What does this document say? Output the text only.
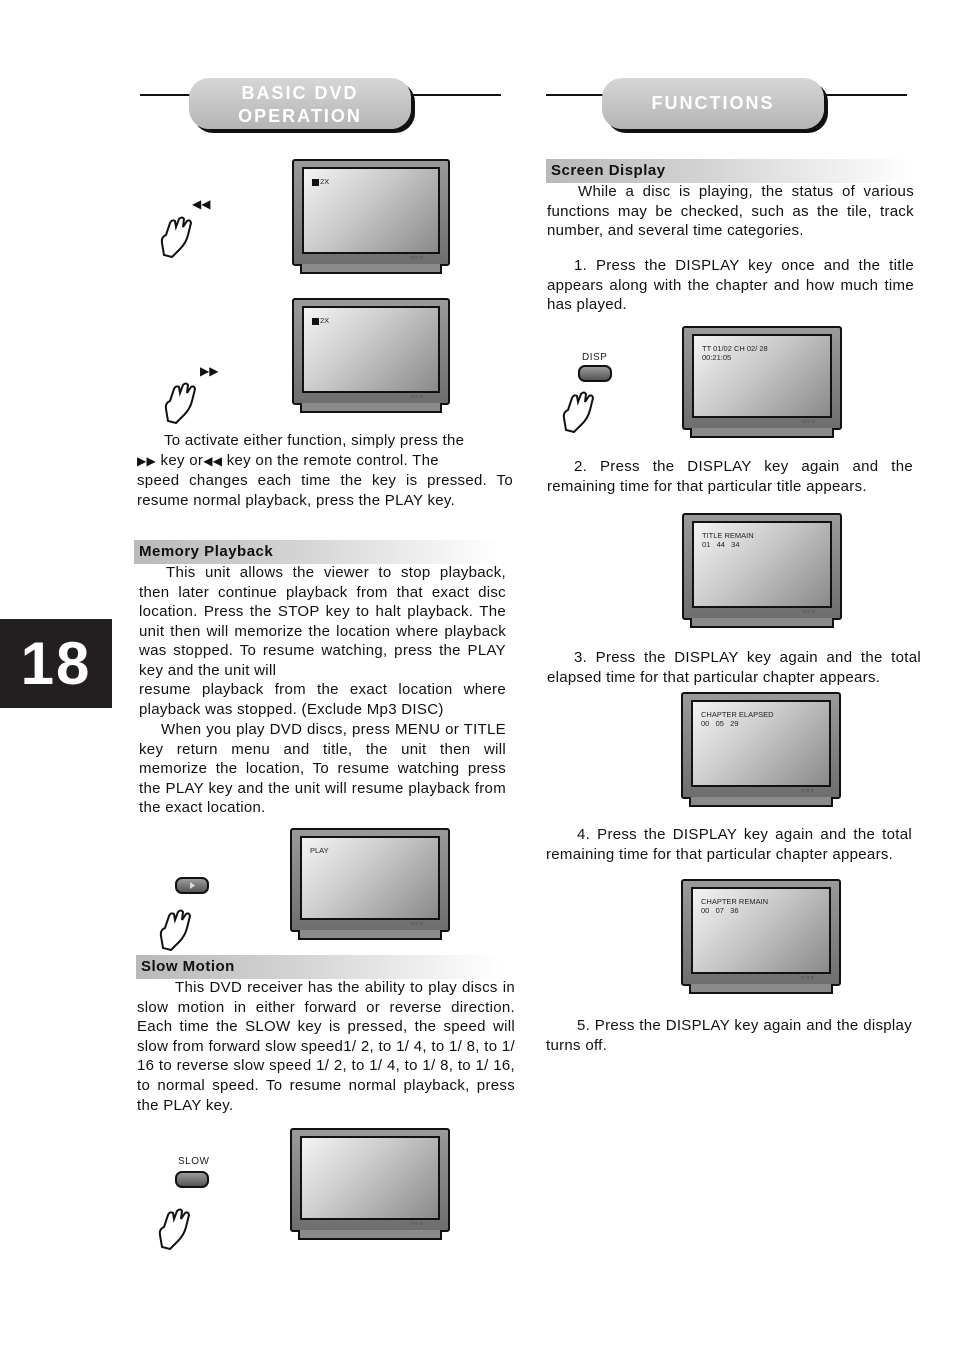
BASIC DVD
OPERATION
FUNCTIONS
18
2X
○○○
◀◀
2X
○○○
▶▶
To activate either function, simply press the
▶▶ key or◀◀ key on the remote control. The
speed changes each time the key is pressed. To resume normal playback, press the PLAY key.
Memory Playback
This unit allows the viewer to stop playback, then later continue playback from that exact disc location. Press the STOP key to halt playback. The unit then will memorize the location where playback was stopped. To resume watching, press the PLAY key and the unit will
resume playback from the exact location where playback was stopped. (Exclude Mp3 DISC)
When you play DVD discs, press MENU or TITLE key return menu and title, the unit then will memorize the location, To resume watching press the PLAY key and the unit will resume playback from the exact location.
PLAY
○○○
Slow Motion
This DVD receiver has the ability to play discs in slow motion in either forward or reverse direction. Each time the SLOW key is pressed, the speed will slow from forward slow speed1/ 2, to 1/ 4, to 1/ 8, to 1/ 16 to reverse slow speed 1/ 2, to 1/ 4, to 1/ 8, to 1/ 16, to normal speed. To resume normal playback, press the PLAY key.
○○○
SLOW
Screen Display
While a disc is playing, the status of various functions may be checked, such as the tile, track number, and several time categories.
1. Press the DISPLAY key once and the title appears along with the chapter and how much time has played.
TT 01/02 CH 02/ 28
00:21:05
○○○
DISP
2. Press the DISPLAY key again and the remaining time for that particular title appears.
TITLE REMAIN
01   44   34
○○○
3. Press the DISPLAY key again and the total elapsed time for that particular chapter appears.
CHAPTER ELAPSED
00   05   29
○○○
4. Press the DISPLAY key again and the total remaining time for that particular chapter appears.
CHAPTER REMAIN
00   07   36
○○○
5. Press the DISPLAY key again and the display turns off.
